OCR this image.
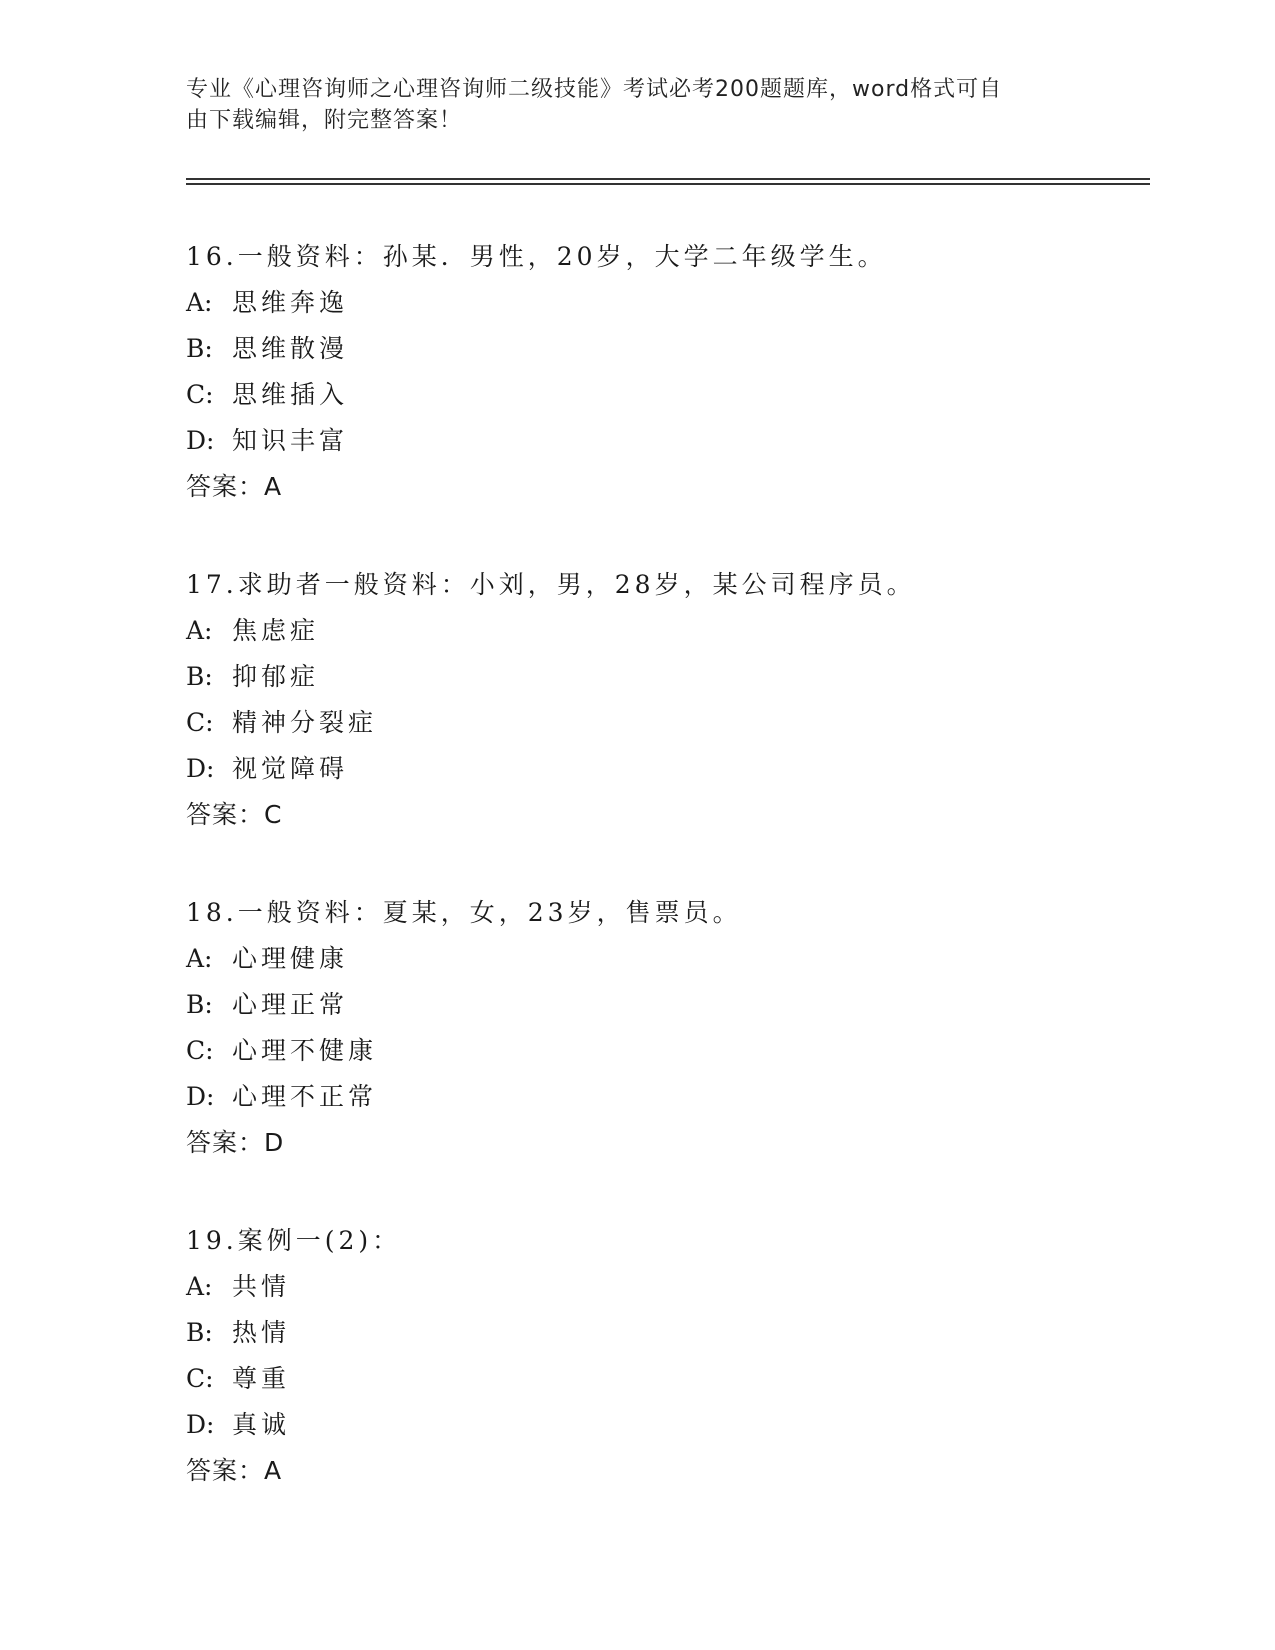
专业《心理咨询师之心理咨询师二级技能》考试必考200题题库，word格式可自

由下载编辑，附完整答案！

16.一般资料：孙某．男性，20岁，大学二年级学生。
A: 思维奔逸
B: 思维散漫
C: 思维插入
D: 知识丰富
答案：A
17.求助者一般资料：小刘，男，28岁，某公司程序员。
A: 焦虑症
B: 抑郁症
C: 精神分裂症
D: 视觉障碍
答案：C
18.一般资料：夏某，女，23岁，售票员。
A: 心理健康
B: 心理正常
C: 心理不健康
D: 心理不正常
答案：D
19.案例一(2)：
A: 共情
B: 热情
C: 尊重
D: 真诚
答案：A
